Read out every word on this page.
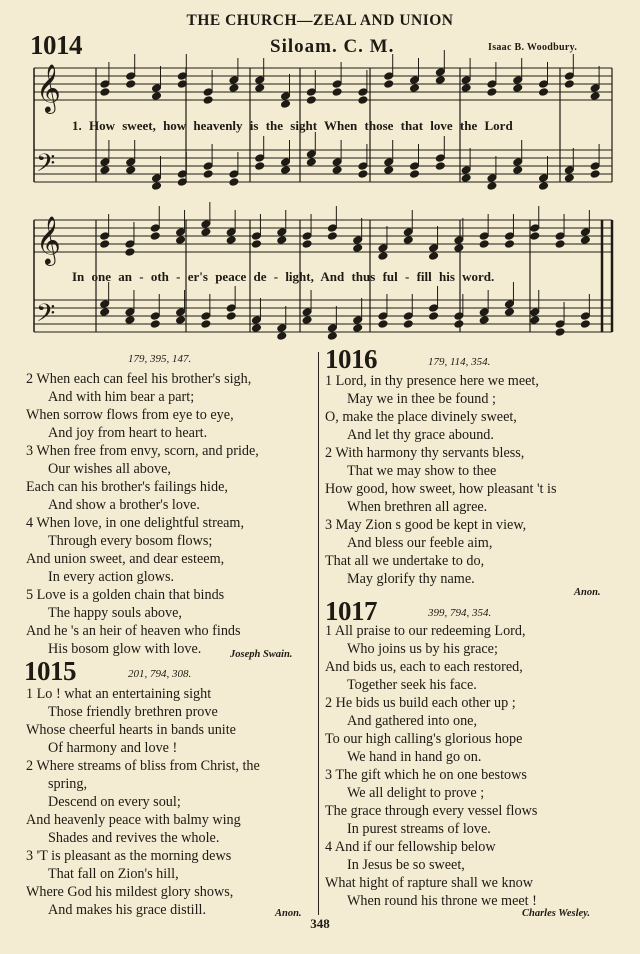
THE CHURCH—ZEAL AND UNION
1014	Siloam. C. M.	Isaac B. Woodbury.
𝄞
𝄢
𝄞
𝄢
1. How sweet, how heavenly is the sight When those that love the Lord
In one an - oth - er's peace de - light, And thus ful - fill his word.
179, 395, 147.
2 When each can feel his brother's sigh,
And with him bear a part;
When sorrow flows from eye to eye,
And joy from heart to heart.
3 When free from envy, scorn, and pride,
Our wishes all above,
Each can his brother's failings hide,
And show a brother's love.
4 When love, in one delightful stream,
Through every bosom flows;
And union sweet, and dear esteem,
In every action glows.
5 Love is a golden chain that binds
The happy souls above,
And he 's an heir of heaven who finds
His bosom glow with love.	Joseph Swain.
1015	201, 794, 308.
1 Lo ! what an entertaining sight
Those friendly brethren prove
Whose cheerful hearts in bands unite
Of harmony and love !
2 Where streams of bliss from Christ, the
spring,
Descend on every soul;
And heavenly peace with balmy wing
Shades and revives the whole.
3 'T is pleasant as the morning dews
That fall on Zion's hill,
Where God his mildest glory shows,
And makes his grace distill.	Anon.
1016	179, 114, 354.
1 Lord, in thy presence here we meet,
May we in thee be found ;
O, make the place divinely sweet,
And let thy grace abound.
2 With harmony thy servants bless,
That we may show to thee
How good, how sweet, how pleasant 't is
When brethren all agree.
3 May Zion s good be kept in view,
And bless our feeble aim,
That all we undertake to do,
May glorify thy name.
Anon.
1017	399, 794, 354.
1 All praise to our redeeming Lord,
Who joins us by his grace;
And bids us, each to each restored,
Together seek his face.
2 He bids us build each other up ;
And gathered into one,
To our high calling's glorious hope
We hand in hand go on.
3 The gift which he on one bestows
We all delight to prove ;
The grace through every vessel flows
In purest streams of love.
4 And if our fellowship below
In Jesus be so sweet,
What hight of rapture shall we know
When round his throne we meet !
Charles Wesley.
348
